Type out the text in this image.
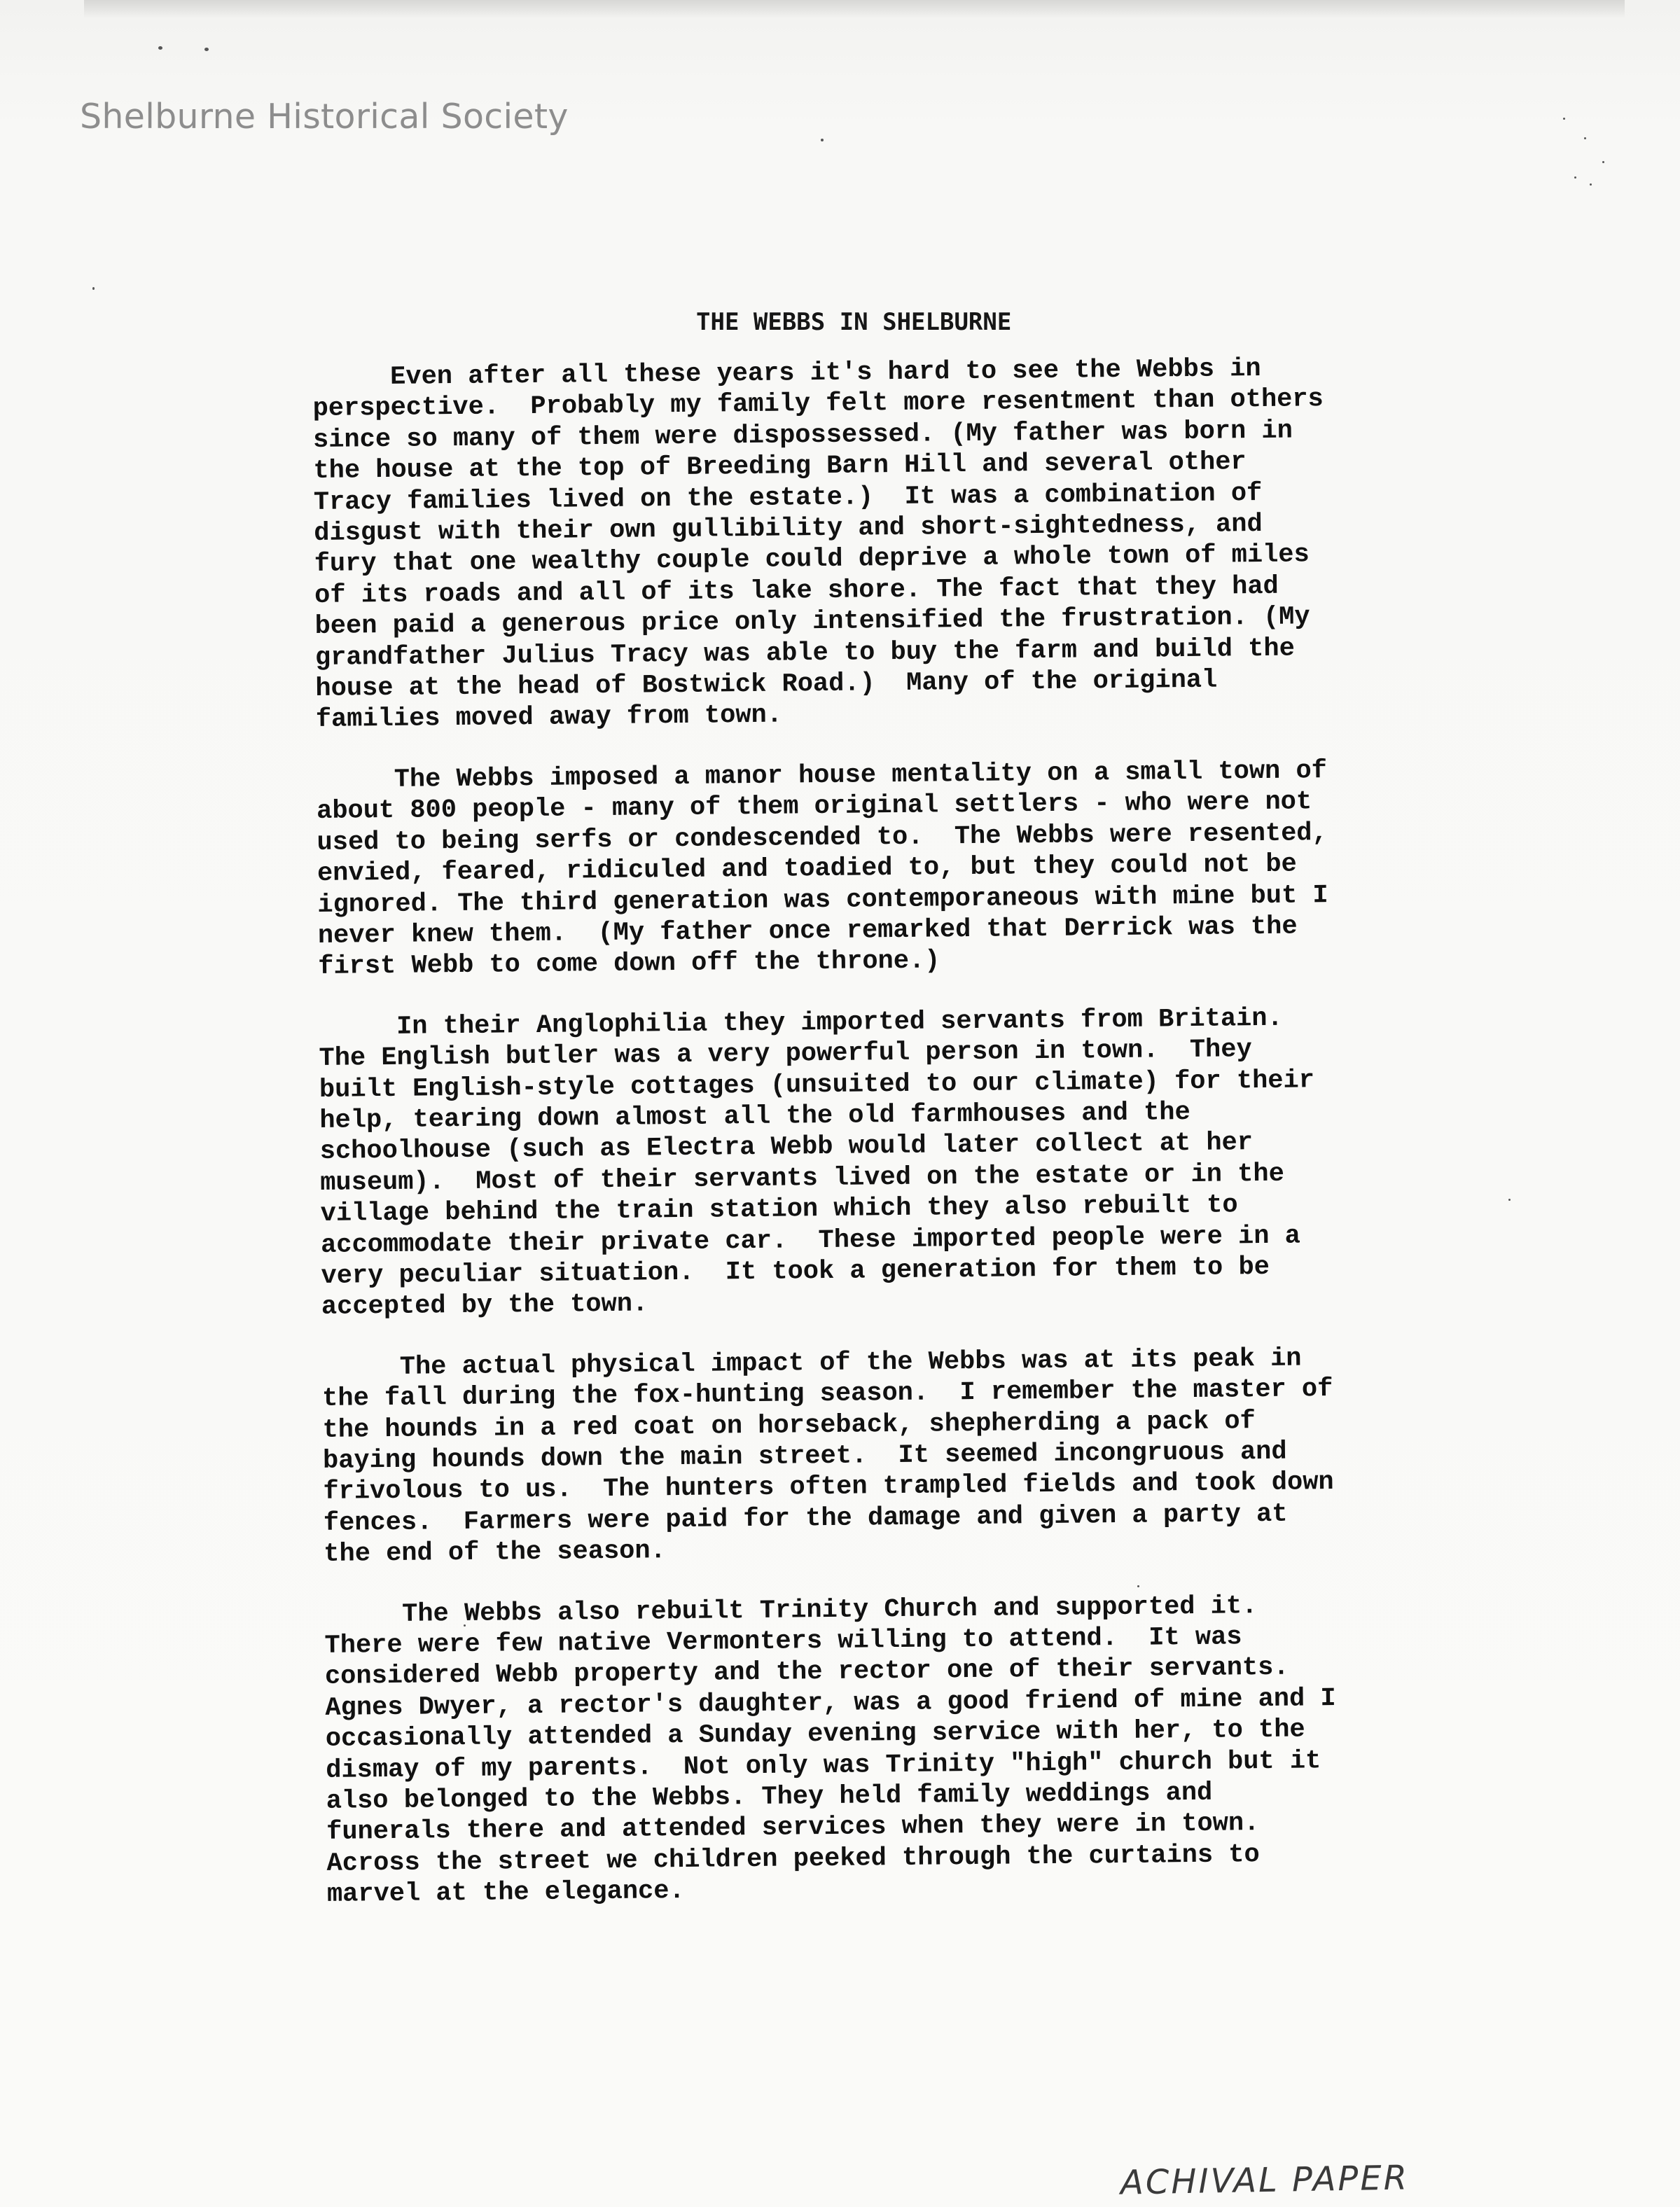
Shelburne Historical Society
THE WEBBS IN SHELBURNE
Even after all these years it's hard to see the Webbs in
perspective.  Probably my family felt more resentment than others
since so many of them were dispossessed. (My father was born in
the house at the top of Breeding Barn Hill and several other
Tracy families lived on the estate.)  It was a combination of
disgust with their own gullibility and short-sightedness, and
fury that one wealthy couple could deprive a whole town of miles
of its roads and all of its lake shore. The fact that they had
been paid a generous price only intensified the frustration. (My
grandfather Julius Tracy was able to buy the farm and build the
house at the head of Bostwick Road.)  Many of the original
families moved away from town.
The Webbs imposed a manor house mentality on a small town of
about 800 people - many of them original settlers - who were not
used to being serfs or condescended to.  The Webbs were resented,
envied, feared, ridiculed and toadied to, but they could not be
ignored. The third generation was contemporaneous with mine but I
never knew them.  (My father once remarked that Derrick was the
first Webb to come down off the throne.)
In their Anglophilia they imported servants from Britain.
The English butler was a very powerful person in town.  They
built English-style cottages (unsuited to our climate) for their
help, tearing down almost all the old farmhouses and the
schoolhouse (such as Electra Webb would later collect at her
museum).  Most of their servants lived on the estate or in the
village behind the train station which they also rebuilt to
accommodate their private car.  These imported people were in a
very peculiar situation.  It took a generation for them to be
accepted by the town.
The actual physical impact of the Webbs was at its peak in
the fall during the fox-hunting season.  I remember the master of
the hounds in a red coat on horseback, shepherding a pack of
baying hounds down the main street.  It seemed incongruous and
frivolous to us.  The hunters often trampled fields and took down
fences.  Farmers were paid for the damage and given a party at
the end of the season.
The Webbs also rebuilt Trinity Church and supported it.
There were few native Vermonters willing to attend.  It was
considered Webb property and the rector one of their servants.
Agnes Dwyer, a rector's daughter, was a good friend of mine and I
occasionally attended a Sunday evening service with her, to the
dismay of my parents.  Not only was Trinity "high" church but it
also belonged to the Webbs. They held family weddings and
funerals there and attended services when they were in town.
Across the street we children peeked through the curtains to
marvel at the elegance.
ACHIVAL PAPER
